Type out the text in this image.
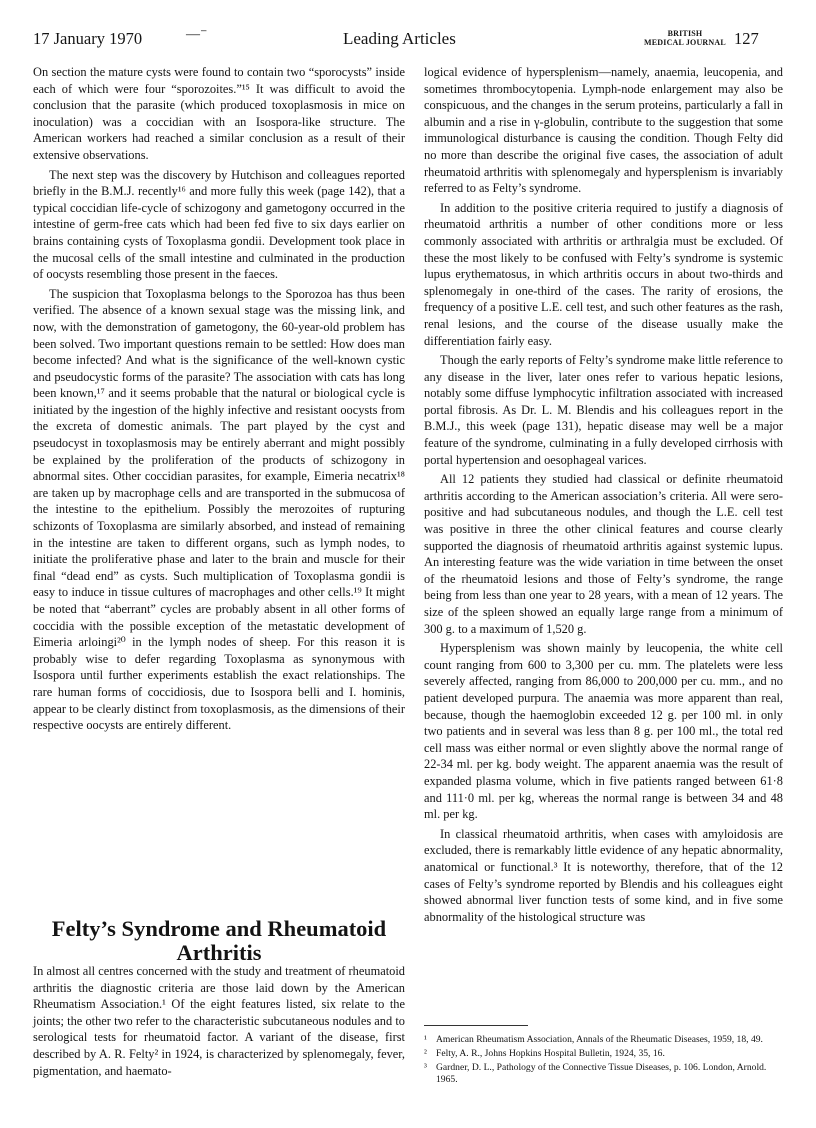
17 January 1970	—⁻	Leading Articles	BRITISH
MEDICAL JOURNAL 127

On section the mature cysts were found to contain two “sporocysts” inside each of which were four “sporozoites.”¹⁵ It was difficult to avoid the conclusion that the parasite (which produced toxoplasmosis in mice on inoculation) was a coccidian with an Isospora-like structure. The American workers had reached a similar conclusion as a result of their extensive observations.

The next step was the discovery by Hutchison and colleagues reported briefly in the B.M.J. recently¹⁶ and more fully this week (page 142), that a typical coccidian life-cycle of schizogony and gametogony occurred in the intestine of germ-free cats which had been fed five to six days earlier on brains containing cysts of Toxoplasma gondii. Development took place in the mucosal cells of the small intestine and culminated in the production of oocysts resembling those present in the faeces.

The suspicion that Toxoplasma belongs to the Sporozoa has thus been verified. The absence of a known sexual stage was the missing link, and now, with the demonstration of gametogony, the 60-year-old problem has been solved. Two important questions remain to be settled: How does man become infected? And what is the significance of the well-known cystic and pseudocystic forms of the parasite? The association with cats has long been known,¹⁷ and it seems probable that the natural or biological cycle is initiated by the ingestion of the highly infective and resistant oocysts from the excreta of domestic animals. The part played by the cyst and pseudocyst in toxoplasmosis may be entirely aberrant and might possibly be explained by the proliferation of the products of schizogony in abnormal sites. Other coccidian parasites, for example, Eimeria necatrix¹⁸ are taken up by macrophage cells and are transported in the submucosa of the intestine to the epithelium. Possibly the merozoites of rupturing schizonts of Toxoplasma are similarly absorbed, and instead of remaining in the intestine are taken to different organs, such as lymph nodes, to initiate the proliferative phase and later to the brain and muscle for their final “dead end” as cysts. Such multiplication of Toxoplasma gondii is easy to induce in tissue cultures of macrophages and other cells.¹⁹ It might be noted that “aberrant” cycles are probably absent in all other forms of coccidia with the possible exception of the metastatic development of Eimeria arloingi²⁰ in the lymph nodes of sheep. For this reason it is probably wise to defer regarding Toxoplasma as synonymous with Isospora until further experiments establish the exact relationships. The rare human forms of coccidiosis, due to Isospora belli and I. hominis, appear to be clearly distinct from toxoplasmosis, as the dimensions of their respective oocysts are entirely different.

Felty’s Syndrome and Rheumatoid Arthritis

In almost all centres concerned with the study and treatment of rheumatoid arthritis the diagnostic criteria are those laid down by the American Rheumatism Association.¹ Of the eight features listed, six relate to the joints; the other two refer to the characteristic subcutaneous nodules and to serological tests for rheumatoid factor. A variant of the disease, first described by A. R. Felty² in 1924, is characterized by splenomegaly, fever, pigmentation, and haemato-

logical evidence of hypersplenism—namely, anaemia, leucopenia, and sometimes thrombocytopenia. Lymph-node enlargement may also be conspicuous, and the changes in the serum proteins, particularly a fall in albumin and a rise in γ-globulin, contribute to the suggestion that some immunological disturbance is causing the condition. Though Felty did no more than describe the original five cases, the association of adult rheumatoid arthritis with splenomegaly and hypersplenism is invariably referred to as Felty’s syndrome.

In addition to the positive criteria required to justify a diagnosis of rheumatoid arthritis a number of other conditions more or less commonly associated with arthritis or arthralgia must be excluded. Of these the most likely to be confused with Felty’s syndrome is systemic lupus erythematosus, in which arthritis occurs in about two-thirds and splenomegaly in one-third of the cases. The rarity of erosions, the frequency of a positive L.E. cell test, and such other features as the rash, renal lesions, and the course of the disease usually make the differentiation fairly easy.

Though the early reports of Felty’s syndrome make little reference to any disease in the liver, later ones refer to various hepatic lesions, notably some diffuse lymphocytic infiltration associated with increased portal fibrosis. As Dr. L. M. Blendis and his colleagues report in the B.M.J., this week (page 131), hepatic disease may well be a major feature of the syndrome, culminating in a fully developed cirrhosis with portal hypertension and oesophageal varices.

All 12 patients they studied had classical or definite rheumatoid arthritis according to the American association’s criteria. All were sero-positive and had subcutaneous nodules, and though the L.E. cell test was positive in three the other clinical features and course clearly supported the diagnosis of rheumatoid arthritis against systemic lupus. An interesting feature was the wide variation in time between the onset of the rheumatoid lesions and those of Felty’s syndrome, the range being from less than one year to 28 years, with a mean of 12 years. The size of the spleen showed an equally large range from a minimum of 300 g. to a maximum of 1,520 g.

Hypersplenism was shown mainly by leucopenia, the white cell count ranging from 600 to 3,300 per cu. mm. The platelets were less severely affected, ranging from 86,000 to 200,000 per cu. mm., and no patient developed purpura. The anaemia was more apparent than real, because, though the haemoglobin exceeded 12 g. per 100 ml. in only two patients and in several was less than 8 g. per 100 ml., the total red cell mass was either normal or even slightly above the normal range of 22-34 ml. per kg. body weight. The apparent anaemia was the result of expanded plasma volume, which in five patients ranged between 61·8 and 111·0 ml. per kg, whereas the normal range is between 34 and 48 ml. per kg.

In classical rheumatoid arthritis, when cases with amyloidosis are excluded, there is remarkably little evidence of any hepatic abnormality, anatomical or functional.³ It is noteworthy, therefore, that of the 12 cases of Felty’s syndrome reported by Blendis and his colleagues eight showed abnormal liver function tests of some kind, and in five some abnormality of the histological structure was

¹ American Rheumatism Association, Annals of the Rheumatic Diseases, 1959, 18, 49.

² Felty, A. R., Johns Hopkins Hospital Bulletin, 1924, 35, 16.

³ Gardner, D. L., Pathology of the Connective Tissue Diseases, p. 106. London, Arnold. 1965.
